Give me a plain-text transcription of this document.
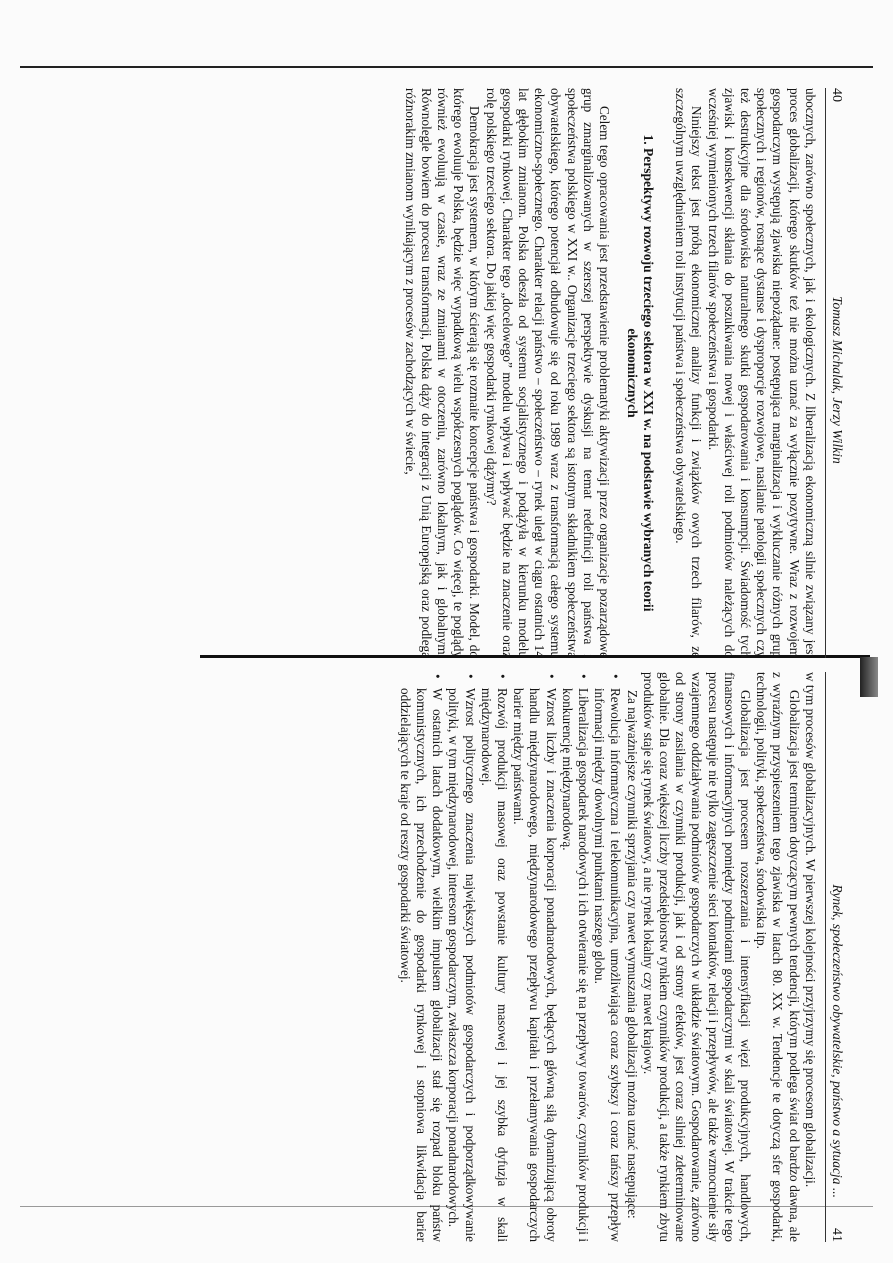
40
Tomasz Michalak, Jerzy Wilkin

ubocznych, zarówno społecznych, jak i ekologicznych. Z liberalizacją ekonomiczną silnie związany jest proces globalizacji, którego skutków też nie można uznać za wyłącznie pozytywne. Wraz z rozwojem gospodarczym występują zjawiska niepożądane: postępująca marginalizacja i wykluczanie różnych grup społecznych i regionów, rosnące dystanse i dysproporcje rozwojowe, nasilanie patologii społecznych czy też destrukcyjne dla środowiska naturalnego skutki gospodarowania i konsumpcji. Świadomość tych zjawisk i konsekwencji skłania do poszukiwania nowej i właściwej roli podmiotów należących do wcześniej wymienionych trzech filarów społeczeństwa i gospodarki.

Niniejszy tekst jest próbą ekonomicznej analizy funkcji i związków owych trzech filarów, ze szczególnym uwzględnieniem roli instytucji państwa i społeczeństwa obywatelskiego.

1. Perspektywy rozwoju trzeciego sektora w XXI w. na podstawie wybranych teorii ekonomicznych

Celem tego opracowania jest przedstawienie problematyki aktywizacji przez organizacje pozarządowe grup zmarginalizowanych w szerszej perspektywie dyskusji na temat redefinicji roli państwa i społeczeństwa polskiego w XXI w.. Organizacje trzeciego sektora są istotnym składnikiem społeczeństwa obywatelskiego, którego potencjał odbudowuje się od roku 1989 wraz z transformacją całego systemu ekonomiczno-społecznego. Charakter relacji państwo – społeczeństwo – rynek uległ w ciągu ostatnich 14 lat głębokim zmianom. Polska odeszła od systemu socjalistycznego i podążyła w kierunku modelu gospodarki rynkowej. Charakter tego „docelowego” modelu wpływa i wpływać będzie na znaczenie oraz rolę polskiego trzeciego sektora. Do jakiej więc gospodarki rynkowej dążymy?

Demokracja jest systemem, w którym ścierają się rozmaite koncepcje państwa i gospodarki. Model, do którego ewoluuje Polska, będzie więc wypadkową wielu współczesnych poglądów. Co więcej, te poglądy również ewoluują w czasie, wraz ze zmianami w otoczeniu, zarówno lokalnym, jak i globalnym. Równolegle bowiem do procesu transformacji, Polska dąży do integracji z Unią Europejską oraz podlega różnorakim zmianom wynikającym z procesów zachodzących w świecie,

Rynek, społeczeństwo obywatelskie, państwo a sytuacja ...
41

w tym procesów globalizacyjnych. W pierwszej kolejności przyjrzymy się procesom globalizacji.

Globalizacja jest terminem dotyczącym pewnych tendencji, którym podlega świat od bardzo dawna, ale z wyraźnym przyspieszeniem tego zjawiska w latach 80. XX w. Tendencje te dotyczą sfer gospodarki, technologii, polityki, społeczeństwa, środowiska itp.

Globalizacja jest procesem rozszerzania i intensyfikacji więzi produkcyjnych, handlowych, finansowych i informacyjnych pomiędzy podmiotami gospodarczymi w skali światowej. W trakcie tego procesu następuje nie tylko zagęszczenie sieci kontaktów, relacji i przepływów, ale także wzmocnienie siły wzajemnego oddziaływania podmiotów gospodarczych w układzie światowym. Gospodarowanie, zarówno od strony zasilania w czynniki produkcji, jak i od strony efektów, jest coraz silniej zdeterminowane globalnie. Dla coraz większej liczby przedsiębiorstw rynkiem czynników produkcji, a także rynkiem zbytu produktów staje się rynek światowy, a nie rynek lokalny czy nawet krajowy.

Za najważniejsze czynniki sprzyjania czy nawet wymuszania globalizacji można uznać następujące:

• Rewolucja informatyczna i telekomunikacyjna, umożliwiająca coraz szybszy i coraz tańszy przepływ informacji między dowolnymi punktami naszego globu.
• Liberalizacja gospodarek narodowych i ich otwieranie się na przepływy towarów, czynników produkcji i konkurencję międzynarodową.
• Wzrost liczby i znaczenia korporacji ponadnarodowych, będących główną siłą dynamizującą obroty handlu międzynarodowego, międzynarodowego przepływu kapitału i przełamywania gospodarczych barier między państwami.
• Rozwój produkcji masowej oraz powstanie kultury masowej i jej szybka dyfuzja w skali międzynarodowej.
• Wzrost politycznego znaczenia największych podmiotów gospodarczych i podporządkowywanie polityki, w tym międzynarodowej, interesom gospodarczym, zwłaszcza korporacji ponadnarodowych.
• W ostatnich latach dodatkowym, wielkim impulsem globalizacji stał się rozpad bloku państw komunistycznych, ich przechodzenie do gospodarki rynkowej i stopniowa likwidacja barier oddzielających te kraje od reszty gospodarki światowej.
